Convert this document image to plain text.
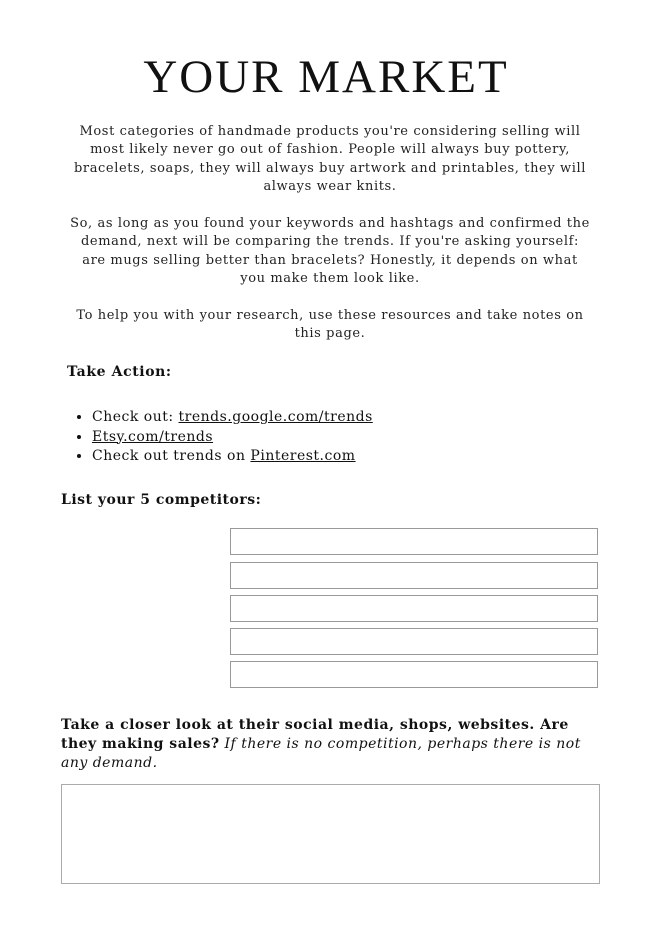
YOUR MARKET

Most categories of handmade products you're considering selling will most likely never go out of fashion. People will always buy pottery, bracelets, soaps, they will always buy artwork and printables, they will always wear knits.

So, as long as you found your keywords and hashtags and confirmed the demand, next will be comparing the trends. If you're asking yourself: are mugs selling better than bracelets? Honestly, it depends on what you make them look like.

To help you with your research, use these resources and take notes on this page.

Take Action:
• Check out: trends.google.com/trends
• Etsy.com/trends
• Check out trends on Pinterest.com
List your 5 competitors:
Take a closer look at their social media, shops, websites. Are they making sales? If there is no competition, perhaps there is not any demand.
